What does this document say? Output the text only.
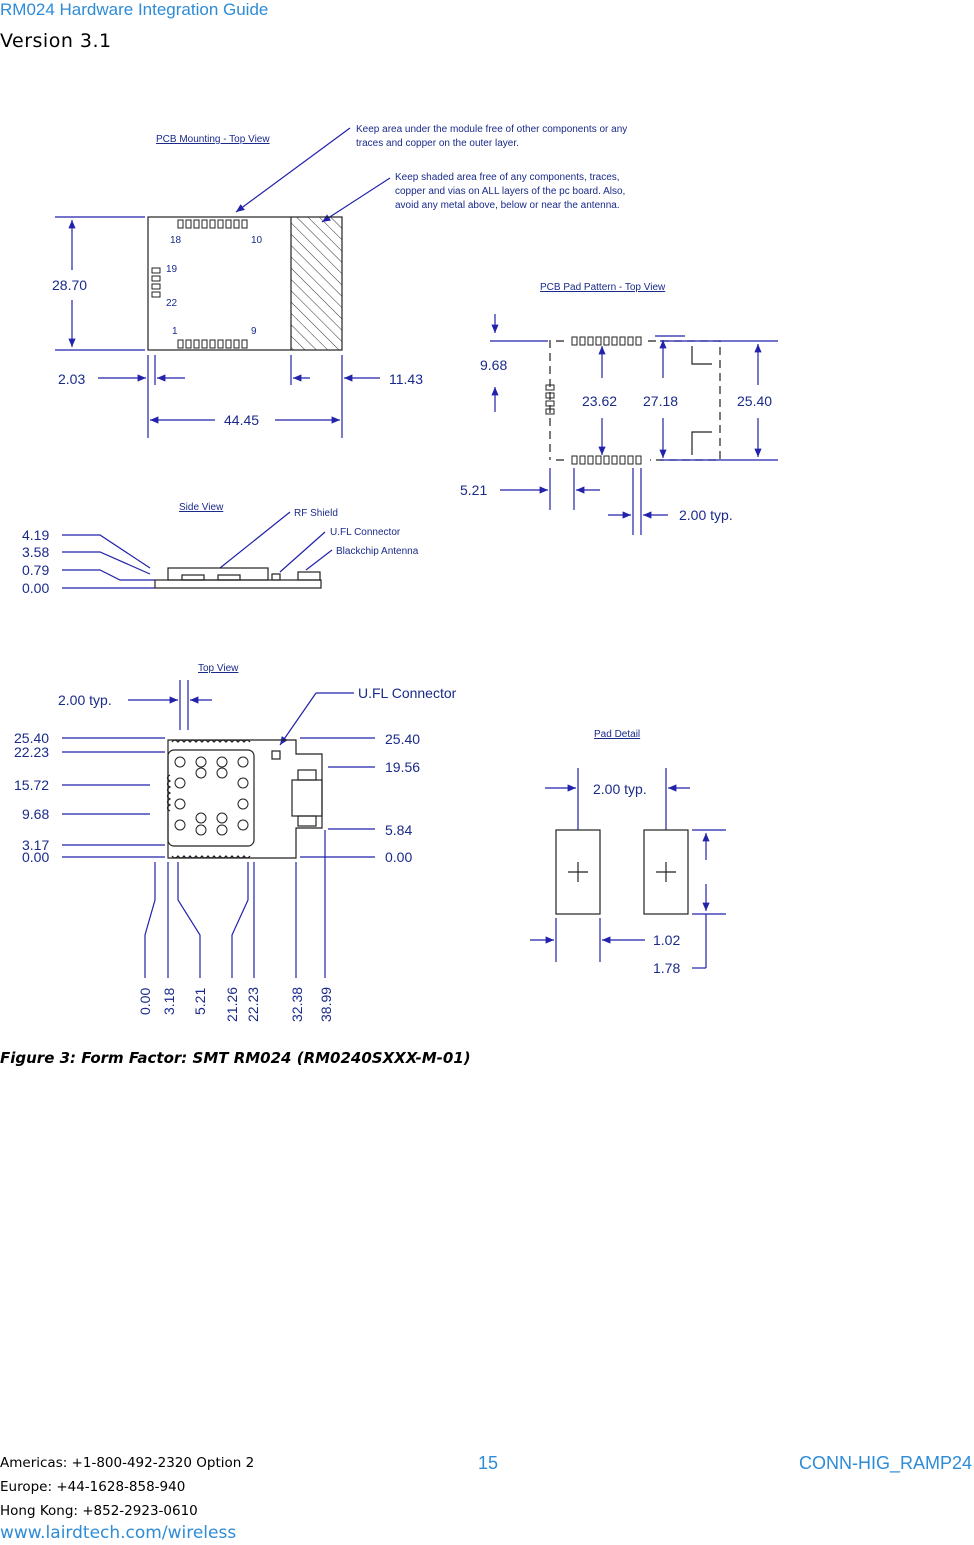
RM024 Hardware Integration Guide
Version 3.1
PCB Mounting - Top View
Keep area under the module free of other components or any
traces and copper on the outer layer.
Keep shaded area free of any components, traces,
copper and vias on ALL layers of the pc board. Also,
avoid any metal above, below or near the antenna.
18	10
19
22
1	9
28.70
2.03	11.43
44.45
PCB Pad Pattern - Top View
9.68
23.62 27.18	25.40
5.21
2.00 typ.
Side View
RF Shield
U.FL Connector
Blackchip Antenna
4.19
3.58
0.79
0.00
Top View
2.00 typ.	U.FL Connector
25.40
22.23
15.72
9.68
3.17
0.00
25.40
19.56
5.84
0.00
0.00 3.18 5.21 21.26 22.23 32.38 38.99
Pad Detail
2.00 typ.
1.02
1.78
Figure 3: Form Factor: SMT RM024 (RM0240SXXX-M-01)
Americas: +1-800-492-2320 Option 2
Europe: +44-1628-858-940
Hong Kong: +852-2923-0610
www.lairdtech.com/wireless
15	CONN-HIG_RAMP24
